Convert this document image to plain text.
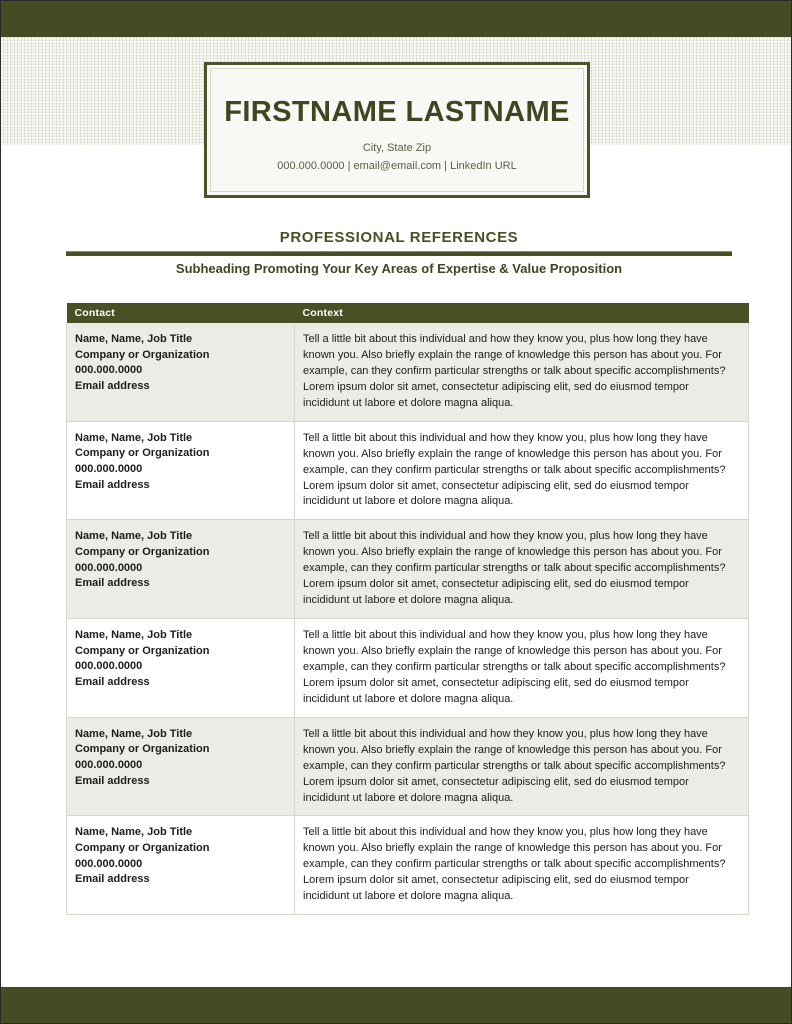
FIRSTNAME LASTNAME
City, State Zip
000.000.0000 | email@email.com | LinkedIn URL
PROFESSIONAL REFERENCES
Subheading Promoting Your Key Areas of Expertise & Value Proposition
Contact	Context

Name, Name, Job Title
Company or Organization
000.000.0000
Email address
	Tell a little bit about this individual and how they know you, plus how long they have known you. Also briefly explain the range of knowledge this person has about you. For example, can they confirm particular strengths or talk about specific accomplishments? Lorem ipsum dolor sit amet, consectetur adipiscing elit, sed do eiusmod tempor incididunt ut labore et dolore magna aliqua.

Name, Name, Job Title
Company or Organization
000.000.0000
Email address
	Tell a little bit about this individual and how they know you, plus how long they have known you. Also briefly explain the range of knowledge this person has about you. For example, can they confirm particular strengths or talk about specific accomplishments? Lorem ipsum dolor sit amet, consectetur adipiscing elit, sed do eiusmod tempor incididunt ut labore et dolore magna aliqua.

Name, Name, Job Title
Company or Organization
000.000.0000
Email address
	Tell a little bit about this individual and how they know you, plus how long they have known you. Also briefly explain the range of knowledge this person has about you. For example, can they confirm particular strengths or talk about specific accomplishments? Lorem ipsum dolor sit amet, consectetur adipiscing elit, sed do eiusmod tempor incididunt ut labore et dolore magna aliqua.

Name, Name, Job Title
Company or Organization
000.000.0000
Email address
	Tell a little bit about this individual and how they know you, plus how long they have known you. Also briefly explain the range of knowledge this person has about you. For example, can they confirm particular strengths or talk about specific accomplishments? Lorem ipsum dolor sit amet, consectetur adipiscing elit, sed do eiusmod tempor incididunt ut labore et dolore magna aliqua.

Name, Name, Job Title
Company or Organization
000.000.0000
Email address
	Tell a little bit about this individual and how they know you, plus how long they have known you. Also briefly explain the range of knowledge this person has about you. For example, can they confirm particular strengths or talk about specific accomplishments? Lorem ipsum dolor sit amet, consectetur adipiscing elit, sed do eiusmod tempor incididunt ut labore et dolore magna aliqua.

Name, Name, Job Title
Company or Organization
000.000.0000
Email address
	Tell a little bit about this individual and how they know you, plus how long they have known you. Also briefly explain the range of knowledge this person has about you. For example, can they confirm particular strengths or talk about specific accomplishments? Lorem ipsum dolor sit amet, consectetur adipiscing elit, sed do eiusmod tempor incididunt ut labore et dolore magna aliqua.
